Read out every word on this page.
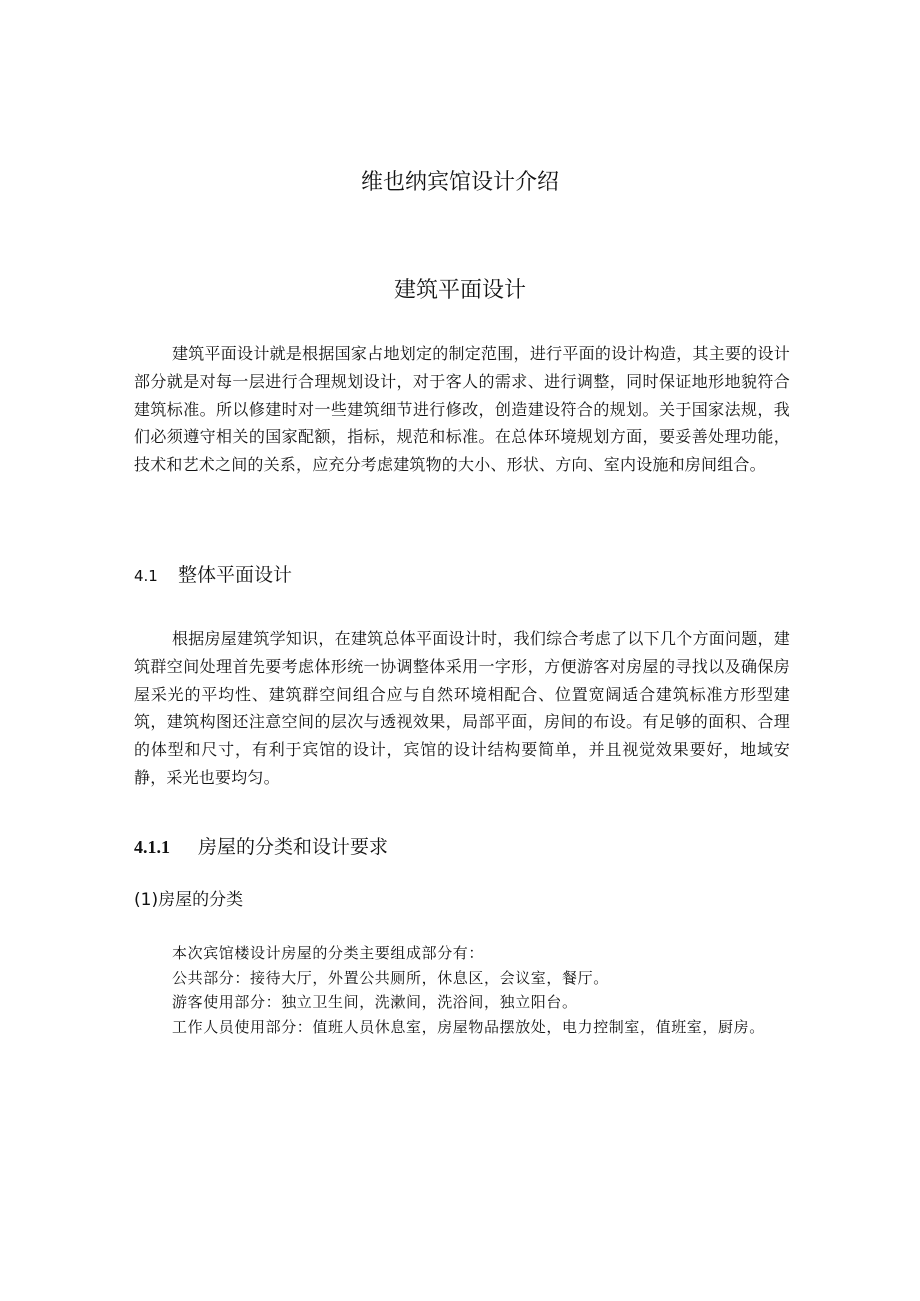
维也纳宾馆设计介绍
建筑平面设计

建筑平面设计就是根据国家占地划定的制定范围，进行平面的设计构造，其主要的设计部分就是对每一层进行合理规划设计，对于客人的需求、进行调整，同时保证地形地貌符合建筑标准。所以修建时对一些建筑细节进行修改，创造建设符合的规划。关于国家法规，我们必须遵守相关的国家配额，指标，规范和标准。在总体环境规划方面，要妥善处理功能，技术和艺术之间的关系，应充分考虑建筑物的大小、形状、方向、室内设施和房间组合。

4.1 整体平面设计

根据房屋建筑学知识，在建筑总体平面设计时，我们综合考虑了以下几个方面问题，建筑群空间处理首先要考虑体形统一协调整体采用一字形，方便游客对房屋的寻找以及确保房屋采光的平均性、建筑群空间组合应与自然环境相配合、位置宽阔适合建筑标准方形型建筑，建筑构图还注意空间的层次与透视效果，局部平面，房间的布设。有足够的面积、合理的体型和尺寸，有利于宾馆的设计，宾馆的设计结构要简单，并且视觉效果要好，地域安静，采光也要均匀。

4.1.1 房屋的分类和设计要求
(1)房屋的分类
本次宾馆楼设计房屋的分类主要组成部分有：
公共部分：接待大厅，外置公共厕所，休息区，会议室，餐厅。
游客使用部分：独立卫生间，洗漱间，洗浴间，独立阳台。
工作人员使用部分：值班人员休息室，房屋物品摆放处，电力控制室，值班室，厨房。
